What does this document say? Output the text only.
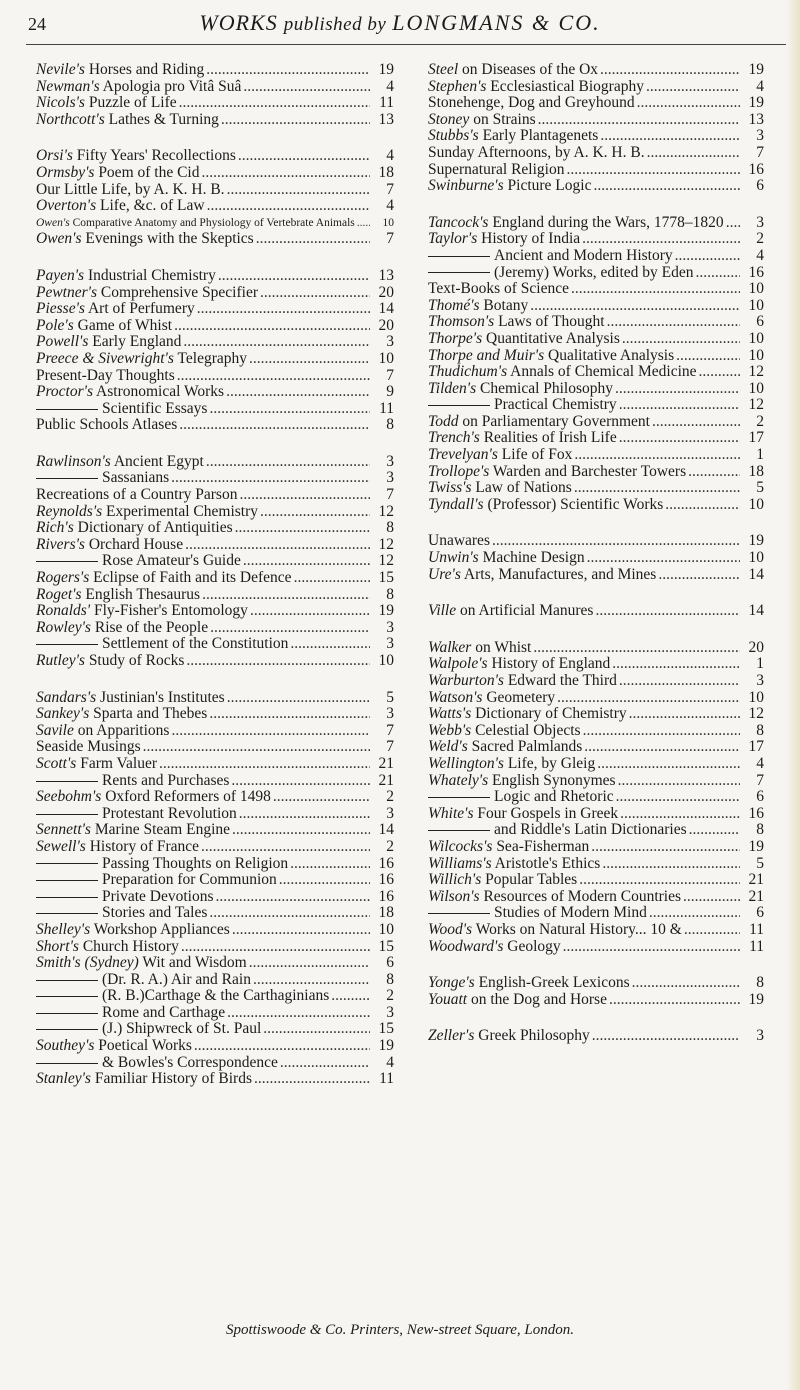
24	WORKS published by LONGMANS & CO.
Nevile's Horses and Riding .....	19
Newman's Apologia pro Vitâ Suâ .....	4
Nicols's Puzzle of Life .....	11
Northcott's Lathes & Turning .....	13
Orsi's Fifty Years' Recollections .....	4
Ormsby's Poem of the Cid .....	18
Our Little Life, by A. K. H. B. .....	7
Overton's Life, &c. of Law .....	4
Owen's Comparative Anatomy and Physiology of Vertebrate Animals .....	10
Owen's Evenings with the Skeptics .....	7
Payen's Industrial Chemistry .....	13
Pewtner's Comprehensive Specifier .....	20
Piesse's Art of Perfumery .....	14
Pole's Game of Whist .....	20
Powell's Early England .....	3
Preece & Sivewright's Telegraphy .....	10
Present-Day Thoughts .....	7
Proctor's Astronomical Works .....	9
Scientific Essays .....	11
Public Schools Atlases .....	8
Rawlinson's Ancient Egypt .....	3
Sassanians .....	3
Recreations of a Country Parson .....	7
Reynolds's Experimental Chemistry .....	12
Rich's Dictionary of Antiquities .....	8
Rivers's Orchard House .....	12
Rose Amateur's Guide .....	12
Rogers's Eclipse of Faith and its Defence .....	15
Roget's English Thesaurus .....	8
Ronalds' Fly-Fisher's Entomology .....	19
Rowley's Rise of the People .....	3
Settlement of the Constitution .....	3
Rutley's Study of Rocks .....	10
Sandars's Justinian's Institutes .....	5
Sankey's Sparta and Thebes .....	3
Savile on Apparitions .....	7
Seaside Musings .....	7
Scott's Farm Valuer .....	21
Rents and Purchases .....	21
Seebohm's Oxford Reformers of 1498 .....	2
Protestant Revolution .....	3
Sennett's Marine Steam Engine .....	14
Sewell's History of France .....	2
Passing Thoughts on Religion .....	16
Preparation for Communion .....	16
Private Devotions .....	16
Stories and Tales .....	18
Shelley's Workshop Appliances .....	10
Short's Church History .....	15
Smith's (Sydney) Wit and Wisdom .....	6
(Dr. R. A.) Air and Rain .....	8
(R. B.)Carthage & the Carthaginians .....	2
Rome and Carthage .....	3
(J.) Shipwreck of St. Paul .....	15
Southey's Poetical Works .....	19
& Bowles's Correspondence .....	4
Stanley's Familiar History of Birds .....	11
Steel on Diseases of the Ox .....	19
Stephen's Ecclesiastical Biography .....	4
Stonehenge, Dog and Greyhound .....	19
Stoney on Strains .....	13
Stubbs's Early Plantagenets .....	3
Sunday Afternoons, by A. K. H. B. .....	7
Supernatural Religion .....	16
Swinburne's Picture Logic .....	6
Tancock's England during the Wars, 1778–1820 .....	3
Taylor's History of India .....	2
Ancient and Modern History .....	4
(Jeremy) Works, edited by Eden .....	16
Text-Books of Science .....	10
Thomé's Botany .....	10
Thomson's Laws of Thought .....	6
Thorpe's Quantitative Analysis .....	10
Thorpe and Muir's Qualitative Analysis .....	10
Thudichum's Annals of Chemical Medicine .....	12
Tilden's Chemical Philosophy .....	10
Practical Chemistry .....	12
Todd on Parliamentary Government .....	2
Trench's Realities of Irish Life .....	17
Trevelyan's Life of Fox .....	1
Trollope's Warden and Barchester Towers .....	18
Twiss's Law of Nations .....	5
Tyndall's (Professor) Scientific Works .....	10
Unawares .....	19
Unwin's Machine Design .....	10
Ure's Arts, Manufactures, and Mines .....	14
Ville on Artificial Manures .....	14
Walker on Whist .....	20
Walpole's History of England .....	1
Warburton's Edward the Third .....	3
Watson's Geometery .....	10
Watts's Dictionary of Chemistry .....	12
Webb's Celestial Objects .....	8
Weld's Sacred Palmlands .....	17
Wellington's Life, by Gleig .....	4
Whately's English Synonymes .....	7
Logic and Rhetoric .....	6
White's Four Gospels in Greek .....	16
and Riddle's Latin Dictionaries .....	8
Wilcocks's Sea-Fisherman .....	19
Williams's Aristotle's Ethics .....	5
Willich's Popular Tables .....	21
Wilson's Resources of Modern Countries .....	21
Studies of Modern Mind .....	6
Wood's Works on Natural History... 10 & .....	11
Woodward's Geology .....	11
Yonge's English-Greek Lexicons .....	8
Youatt on the Dog and Horse .....	19
Zeller's Greek Philosophy .....	3
Spottiswoode & Co. Printers, New-street Square, London.
